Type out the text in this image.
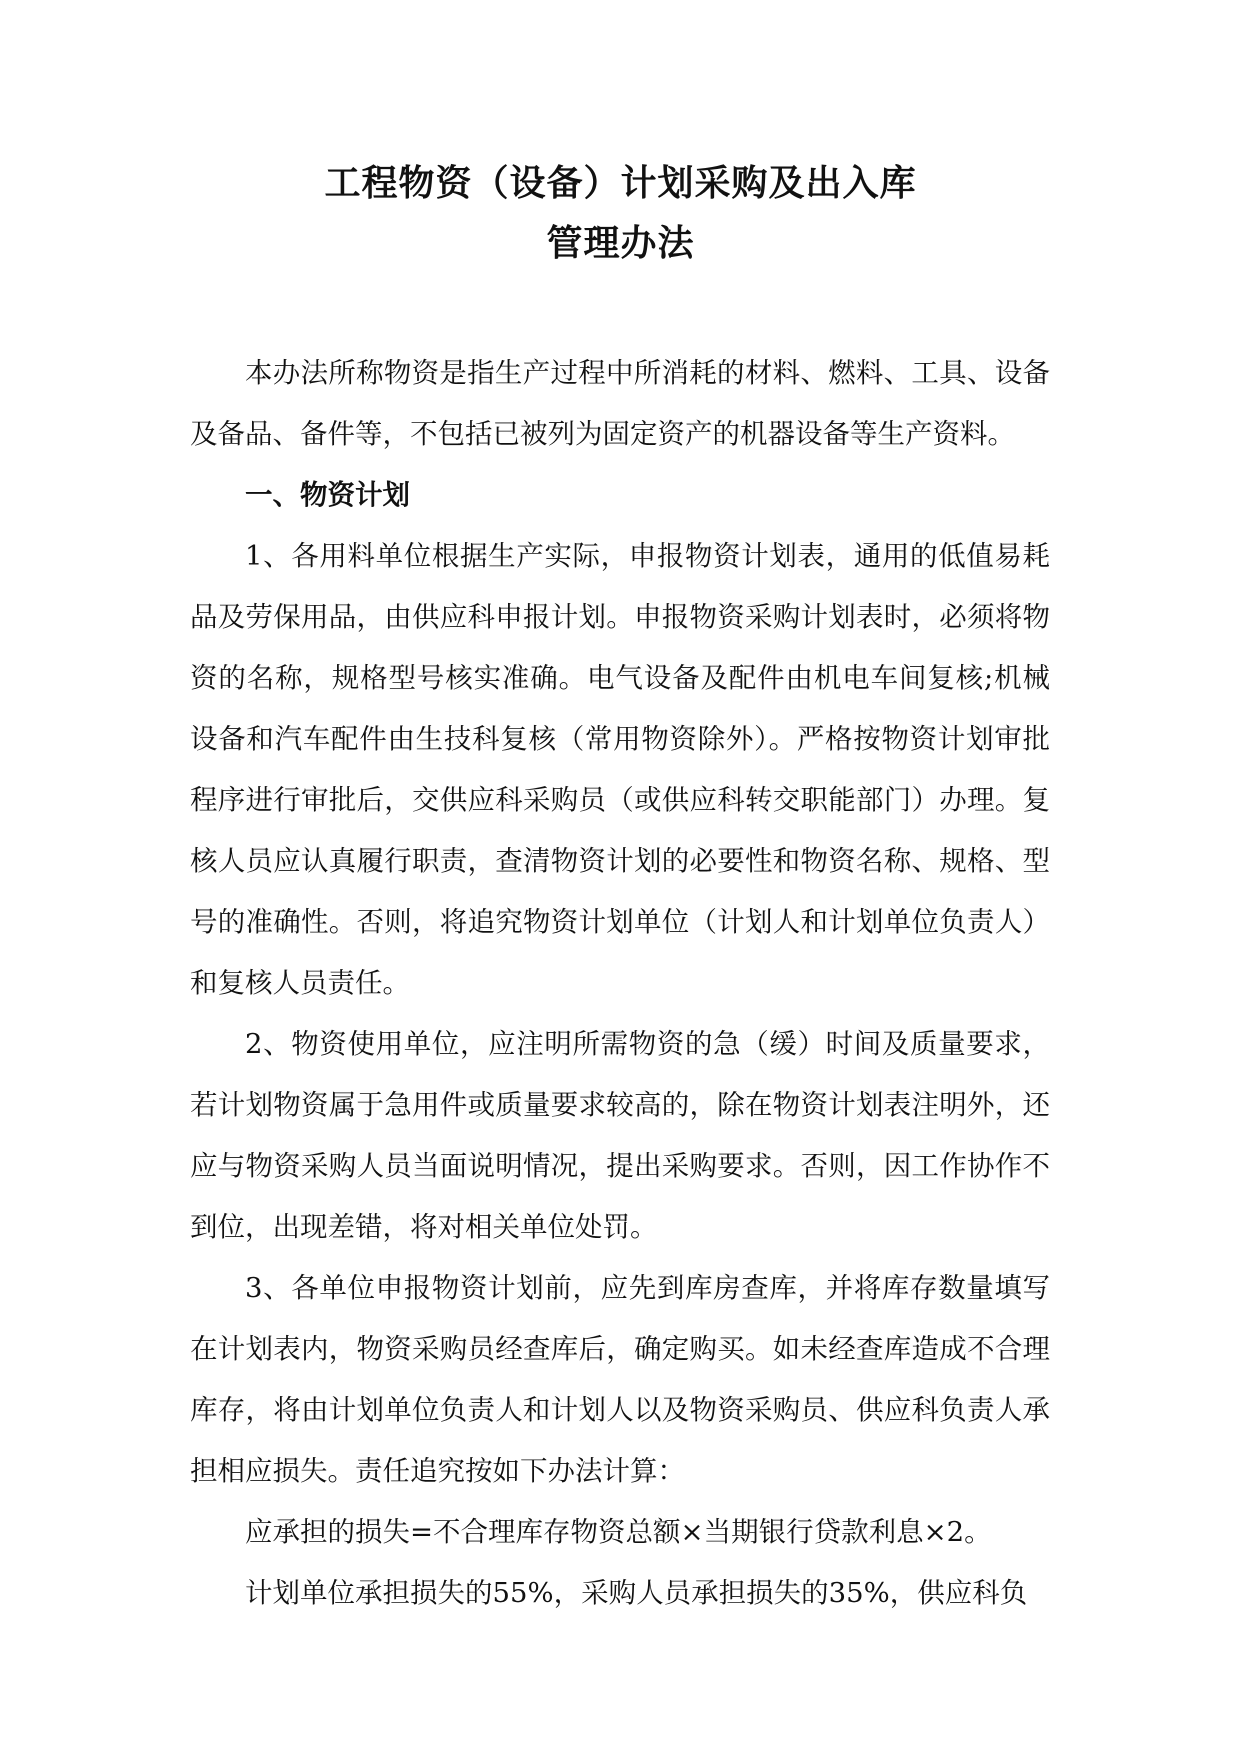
工程物资（设备）计划采购及出入库
管理办法

本办法所称物资是指生产过程中所消耗的材料、燃料、工具、设备及备品、备件等，不包括已被列为固定资产的机器设备等生产资料。

一、物资计划

1、各用料单位根据生产实际，申报物资计划表，通用的低值易耗品及劳保用品，由供应科申报计划。申报物资采购计划表时，必须将物资的名称，规格型号核实准确。电气设备及配件由机电车间复核;机械设备和汽车配件由生技科复核（常用物资除外）。严格按物资计划审批程序进行审批后，交供应科采购员（或供应科转交职能部门）办理。复核人员应认真履行职责，查清物资计划的必要性和物资名称、规格、型号的准确性。否则，将追究物资计划单位（计划人和计划单位负责人）和复核人员责任。

2、物资使用单位，应注明所需物资的急（缓）时间及质量要求，若计划物资属于急用件或质量要求较高的，除在物资计划表注明外，还应与物资采购人员当面说明情况，提出采购要求。否则，因工作协作不到位，出现差错，将对相关单位处罚。

3、各单位申报物资计划前，应先到库房查库，并将库存数量填写在计划表内，物资采购员经查库后，确定购买。如未经查库造成不合理库存，将由计划单位负责人和计划人以及物资采购员、供应科负责人承担相应损失。责任追究按如下办法计算：

应承担的损失=不合理库存物资总额×当期银行贷款利息×2。

计划单位承担损失的55%，采购人员承担损失的35%，供应科负
